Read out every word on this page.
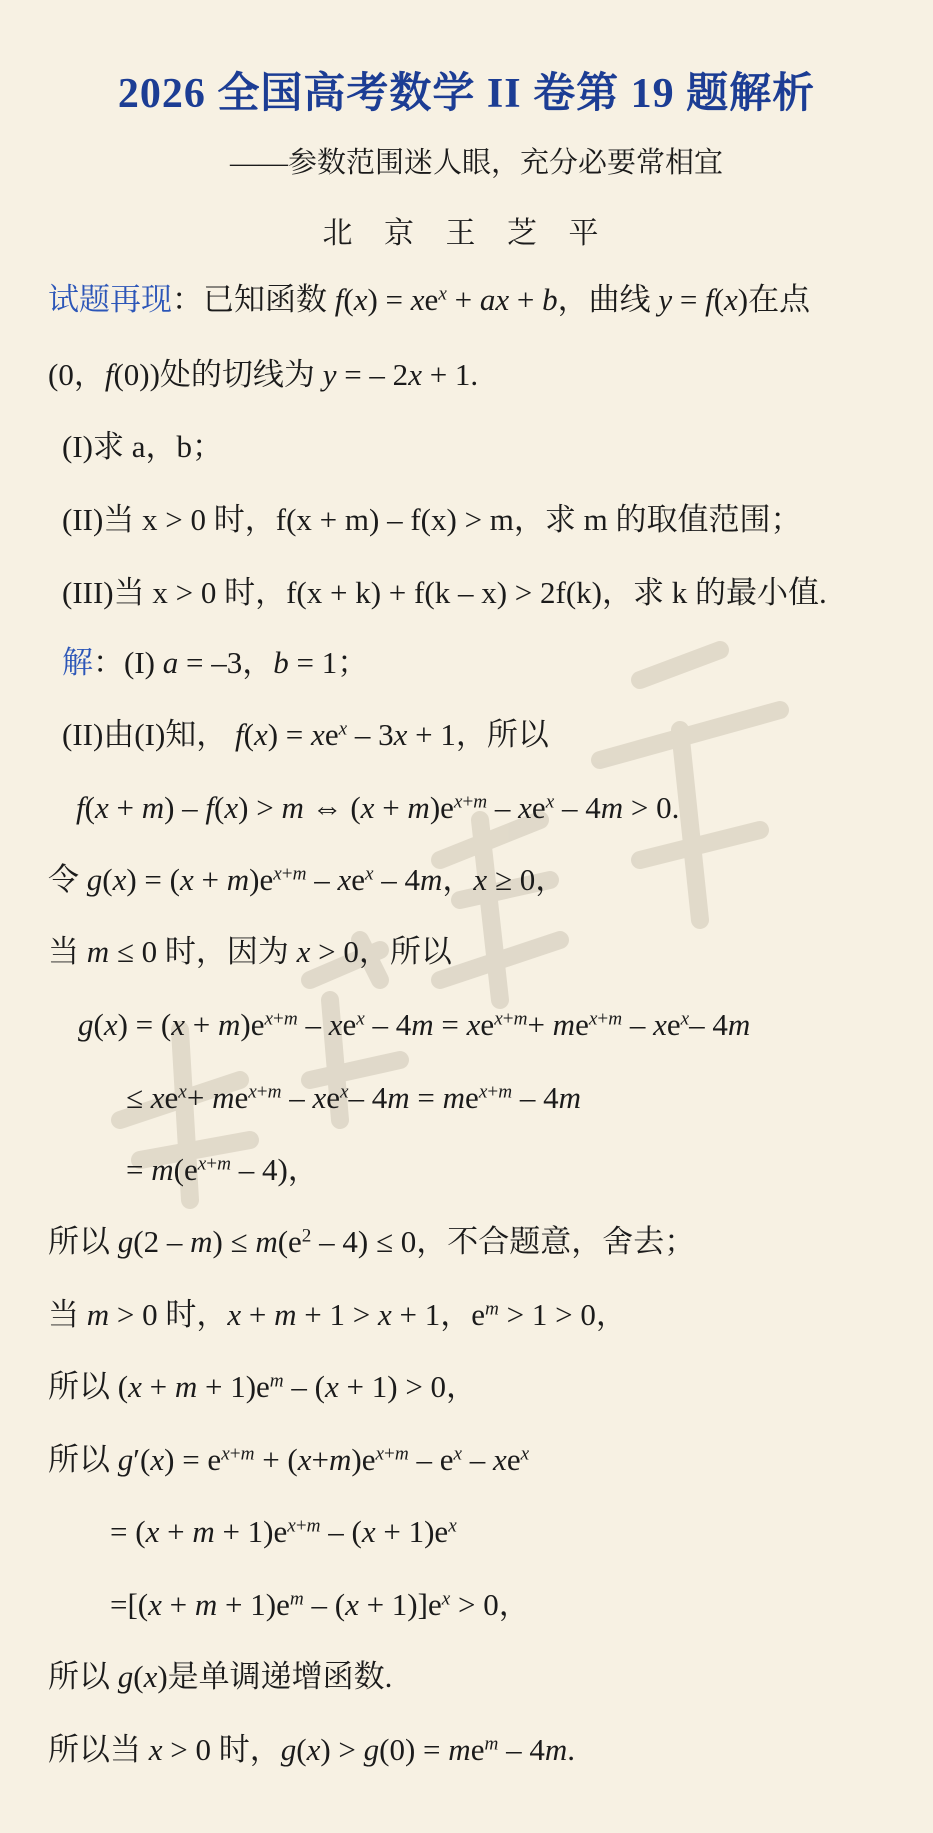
2026 全国高考数学 II 卷第 19 题解析
——参数范围迷人眼，充分必要常相宜
北 京 王 芝 平
试题再现：已知函数 $f(x) = xe^x$ + ax + b，曲线 y = f(x)在点
(0，f(0))处的切线为 y = – 2x + 1.
(I)求 a，b；
(II)当 x > 0 时，f(x + m) – f(x) > m，求 m 的取值范围；
(III)当 x > 0 时，f(x + k) + f(k – x) > 2f(k)，求 k 的最小值.
解：(I) a = –3，b = 1；
(II)由(I)知， $f(x) = xe^x - 3x + 1$，所以
f(x + m) – f(x) > m ⇔ $(x + m)e^{x+m} - xe^x - 4m > 0$.
令 $g(x) = (x + m)e^{x+m} - xe^x - 4m$，x ≥ 0，
当 m ≤ 0 时，因为 x > 0，所以
$g(x) = (x + m)e^{x+m} - xe^x - 4m = xe^{x+m}+ me^{x+m} - xe^x-$ 4m
≤ $xe^x+ me^{x+m} - xe^x-$ $4m = me^{x+m} - 4m$
= $m(e^{x+m} - 4)$，
所以 $g(2 - m) \le m(e^2 - 4) \le 0$，不合题意，舍去；
当 m > 0 时，x + m + 1 > x + 1，$e^m > 1 > 0$，
所以 $(x + m + 1)e^m - (x + 1) > 0$，
所以 $g'(x) = e^{x+m} + (x+m)e^{x+m} - e^x - xe^x$
= $(x + m + 1)e^{x+m} - (x + 1)e^x$
$=[(x + m + 1)e^m - (x + 1)]e^x > 0$，
所以 g(x)是单调递增函数.
所以当 x > 0 时，$g(x) > g(0) = me^m - 4m$.
